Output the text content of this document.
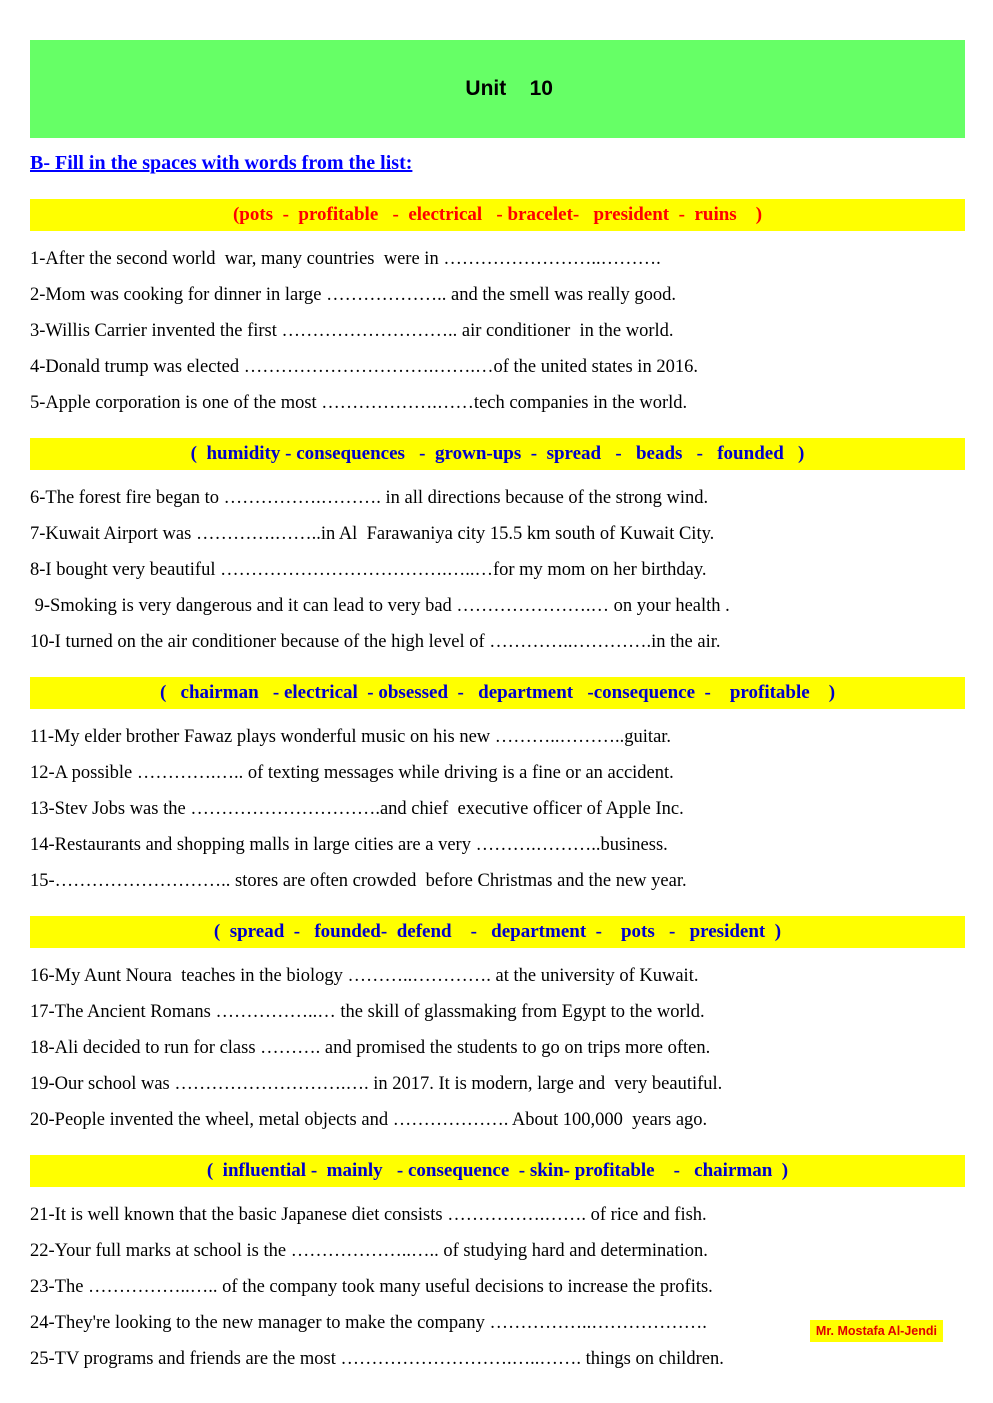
Unit    10

B- Fill in the spaces with words from the list:
(pots  -  profitable   -  electrical   - bracelet-   president  -  ruins    )

1-After the second world  war, many countries  were in ……………………..……….

2-Mom was cooking for dinner in large ……………….. and the smell was really good.

3-Willis Carrier invented the first ……………………….. air conditioner  in the world.

4-Donald trump was elected ………………………….…….…of the united states in 2016.

5-Apple corporation is one of the most ……………….……tech companies in the world.

(  humidity - consequences   -  grown-ups  -  spread   -   beads   -   founded   )

6-The forest fire began to …………….………. in all directions because of the strong wind.

7-Kuwait Airport was ………….……..in Al  Farawaniya city 15.5 km south of Kuwait City.

8-I bought very beautiful ……………………………….…..…for my mom on her birthday.

9-Smoking is very dangerous and it can lead to very bad ………………….… on your health .

10-I turned on the air conditioner because of the high level of …………..………….in the air.

(   chairman   - electrical  - obsessed  -   department   -consequence  -    profitable    )

11-My elder brother Fawaz plays wonderful music on his new ………..………..guitar.

12-A possible ………….….. of texting messages while driving is a fine or an accident.

13-Stev Jobs was the ………………………….and chief  executive officer of Apple Inc.

14-Restaurants and shopping malls in large cities are a very ……….………..business.

15-……………………….. stores are often crowded  before Christmas and the new year.

(  spread  -   founded-  defend    -   department  -    pots   -   president  )

16-My Aunt Noura  teaches in the biology ………..…………. at the university of Kuwait.

17-The Ancient Romans ……………..… the skill of glassmaking from Egypt to the world.

18-Ali decided to run for class ………. and promised the students to go on trips more often.

19-Our school was ……………………….…. in 2017. It is modern, large and  very beautiful.

20-People invented the wheel, metal objects and ………………. About 100,000  years ago.

(  influential -  mainly   - consequence  - skin- profitable    -   chairman  )

21-It is well known that the basic Japanese diet consists …………….……. of rice and fish.

22-Your full marks at school is the ………………..….. of studying hard and determination.

23-The ……………..….. of the company took many useful decisions to increase the profits.

24-They're looking to the new manager to make the company ……………..……………….

25-TV programs and friends are the most ……………………….…..……. things on children.

Mr. Mostafa Al-Jendi
